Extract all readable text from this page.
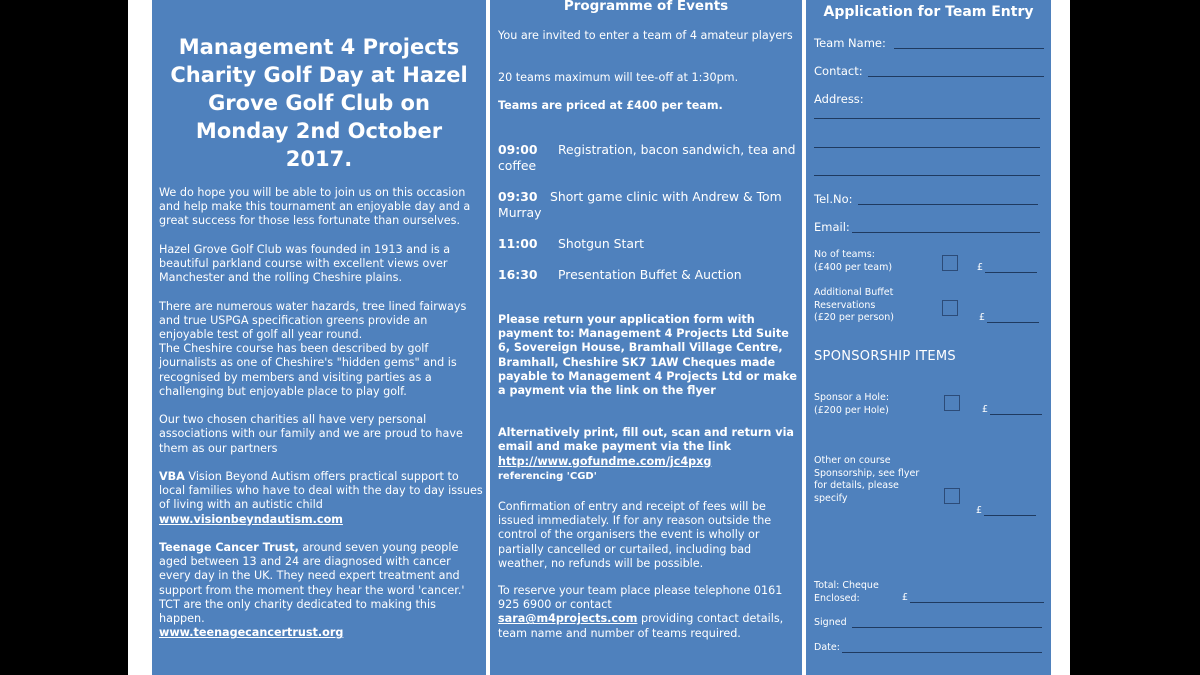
Management 4 Projects Charity Golf Day at Hazel Grove Golf Club on Monday 2nd October 2017.

We do hope you will be able to join us on this occasion and help make this tournament an enjoyable day and a great success for those less fortunate than ourselves.

Hazel Grove Golf Club was founded in 1913 and is a beautiful parkland course with excellent views over Manchester and the rolling Cheshire plains.

There are numerous water hazards, tree lined fairways and true USPGA specification greens provide an enjoyable test of golf all year round.

The Cheshire course has been described by golf journalists as one of Cheshire's "hidden gems" and is recognised by members and visiting parties as a challenging but enjoyable place to play golf.

Our two chosen charities all have very personal associations with our family and we are proud to have them as our partners

VBA Vision Beyond Autism offers practical support to local families who have to deal with the day to day issues of living with an autistic child
www.visionbeyndautism.com

Teenage Cancer Trust, around seven young people aged between 13 and 24 are diagnosed with cancer every day in the UK. They need expert treatment and support from the moment they hear the word 'cancer.' TCT are the only charity dedicated to making this happen.
www.teenagecancertrust.org

Programme of Events
You are invited to enter a team of 4 amateur players
20 teams maximum will tee-off at 1:30pm.
Teams are priced at £400 per team.
09:00 Registration, bacon sandwich, tea and coffee
09:30 Short game clinic with Andrew & Tom Murray
11:00 Shotgun Start
16:30 Presentation Buffet & Auction
Please return your application form with payment to: Management 4 Projects Ltd Suite 6, Sovereign House, Bramhall Village Centre, Bramhall, Cheshire SK7 1AW Cheques made payable to Management 4 Projects Ltd or make a payment via the link on the flyer
Alternatively print, fill out, scan and return via email and make payment via the link
http://www.gofundme.com/jc4pxg
referencing 'CGD'
Confirmation of entry and receipt of fees will be issued immediately. If for any reason outside the control of the organisers the event is wholly or partially cancelled or curtailed, including bad weather, no refunds will be possible.
To reserve your team place please telephone 0161 925 6900 or contact
sara@m4projects.com providing contact details, team name and number of teams required.
Application for Team Entry
Team Name:
Contact:
Address:
Tel.No:
Email:
No of teams:
(£400 per team)	£
Additional Buffet
Reservations
(£20 per person)	£
SPONSORSHIP ITEMS
Sponsor a Hole:
(£200 per Hole)	£
Other on course
Sponsorship, see flyer
for details, please
specify
£
Total: Cheque
Enclosed:	£
Signed
Date:
